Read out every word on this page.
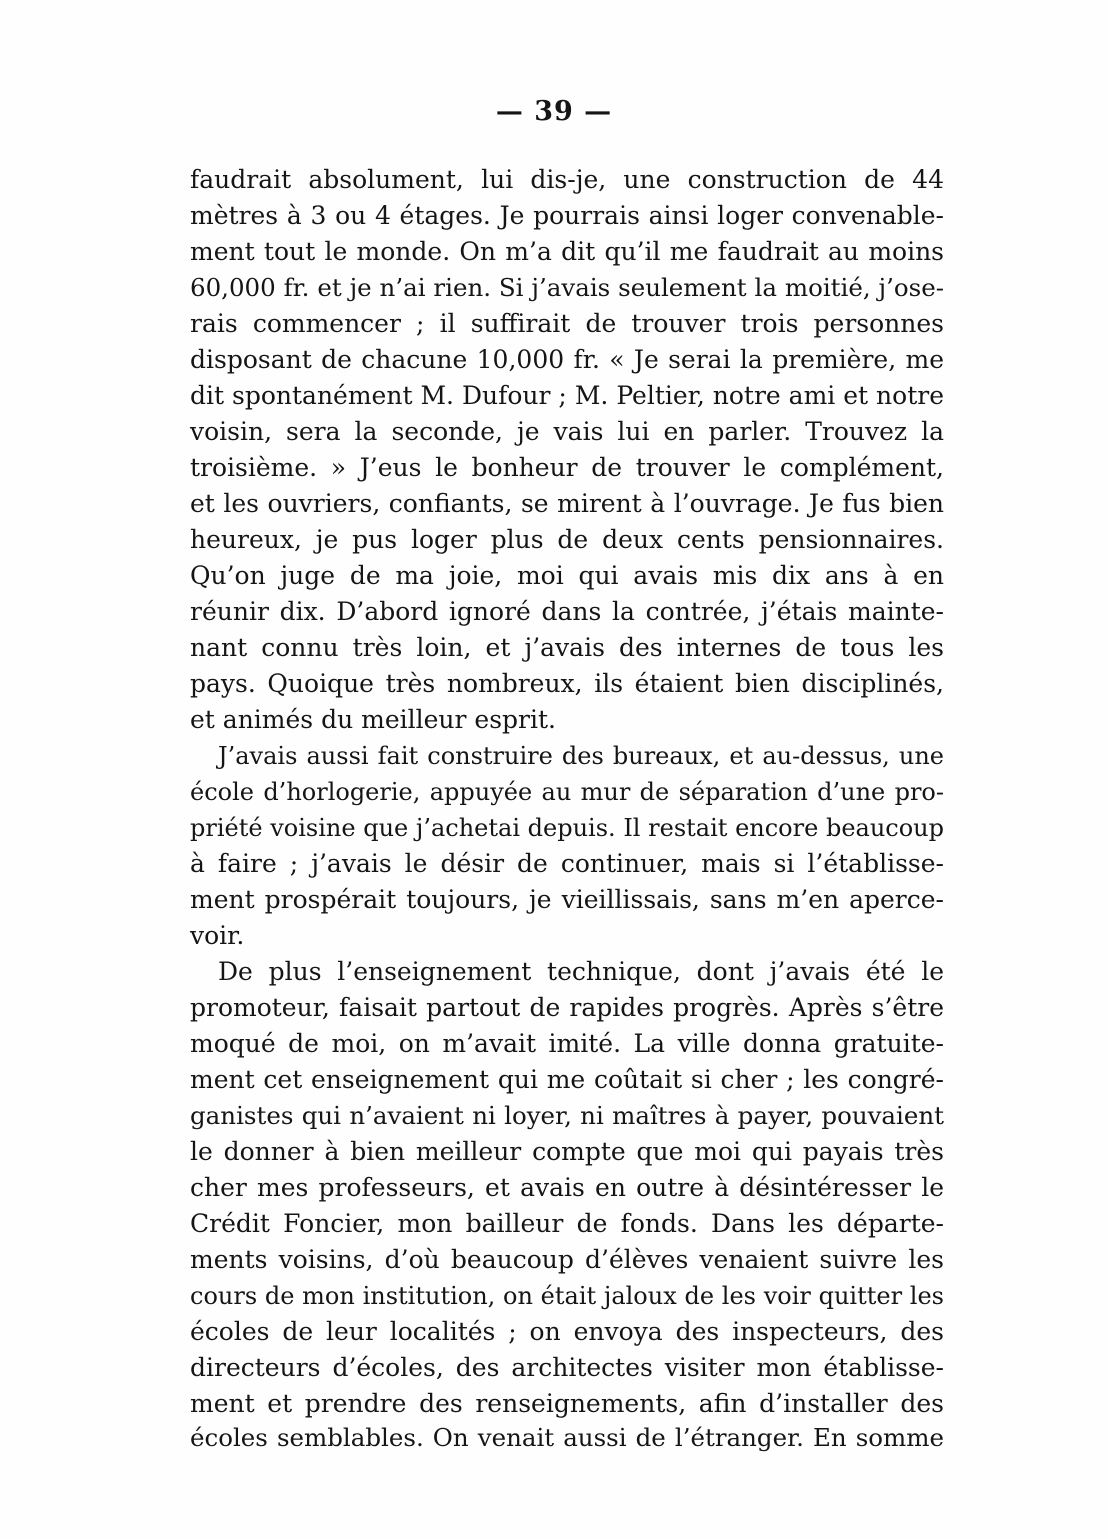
— 39 —
faudrait absolument, lui dis-je, une construction de 44
mètres à 3 ou 4 étages. Je pourrais ainsi loger convenable-
ment tout le monde. On m’a dit qu’il me faudrait au moins
60,000 fr. et je n’ai rien. Si j’avais seulement la moitié, j’ose-
rais commencer ; il suffirait de trouver trois personnes
disposant de chacune 10,000 fr. « Je serai la première, me
dit spontanément M. Dufour ; M. Peltier, notre ami et notre
voisin, sera la seconde, je vais lui en parler. Trouvez la
troisième. » J’eus le bonheur de trouver le complément,
et les ouvriers, confiants, se mirent à l’ouvrage. Je fus bien
heureux, je pus loger plus de deux cents pensionnaires.
Qu’on juge de ma joie, moi qui avais mis dix ans à en
réunir dix. D’abord ignoré dans la contrée, j’étais mainte-
nant connu très loin, et j’avais des internes de tous les
pays. Quoique très nombreux, ils étaient bien disciplinés,
et animés du meilleur esprit.
J’avais aussi fait construire des bureaux, et au-dessus, une
école d’horlogerie, appuyée au mur de séparation d’une pro-
priété voisine que j’achetai depuis. Il restait encore beaucoup
à faire ; j’avais le désir de continuer, mais si l’établisse-
ment prospérait toujours, je vieillissais, sans m’en aperce-
voir.
De plus l’enseignement technique, dont j’avais été le
promoteur, faisait partout de rapides progrès. Après s’être
moqué de moi, on m’avait imité. La ville donna gratuite-
ment cet enseignement qui me coûtait si cher ; les congré-
ganistes qui n’avaient ni loyer, ni maîtres à payer, pouvaient
le donner à bien meilleur compte que moi qui payais très
cher mes professeurs, et avais en outre à désintéresser le
Crédit Foncier, mon bailleur de fonds. Dans les départe-
ments voisins, d’où beaucoup d’élèves venaient suivre les
cours de mon institution, on était jaloux de les voir quitter les
écoles de leur localités ; on envoya des inspecteurs, des
directeurs d’écoles, des architectes visiter mon établisse-
ment et prendre des renseignements, afin d’installer des
écoles semblables. On venait aussi de l’étranger. En somme
